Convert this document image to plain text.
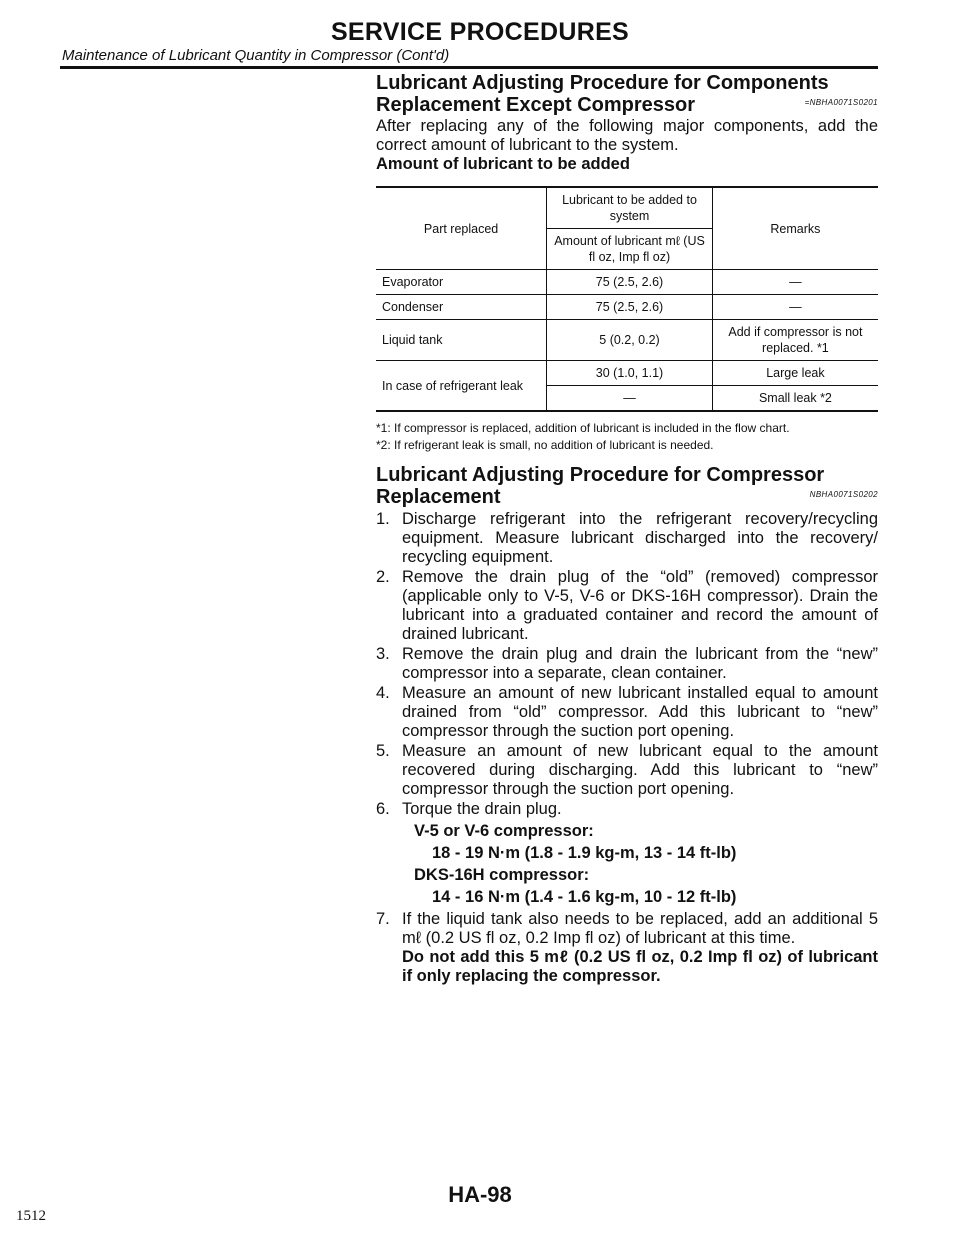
SERVICE PROCEDURES
Maintenance of Lubricant Quantity in Compressor (Cont'd)
Lubricant Adjusting Procedure for Components
Replacement Except Compressor	=NBHA0071S0201
After replacing any of the following major components, add the correct amount of lubricant to the system.
Amount of lubricant to be added
Part replaced	Lubricant to be added to system	Remarks
	Amount of lubricant mℓ (US fl oz, Imp fl oz)	
Evaporator	75 (2.5, 2.6)	—
Condenser	75 (2.5, 2.6)	—
Liquid tank	5 (0.2, 0.2)	Add if compressor is not replaced. *1
In case of refrigerant leak	30 (1.0, 1.1)	Large leak
	—	Small leak *2
*1: If compressor is replaced, addition of lubricant is included in the flow chart.
*2: If refrigerant leak is small, no addition of lubricant is needed.
Lubricant Adjusting Procedure for Compressor
Replacement	NBHA0071S0202
1. Discharge refrigerant into the refrigerant recovery/recycling equipment. Measure lubricant discharged into the recovery/ recycling equipment.
2. Remove the drain plug of the “old” (removed) compressor (applicable only to V-5, V-6 or DKS-16H compressor). Drain the lubricant into a graduated container and record the amount of drained lubricant.
3. Remove the drain plug and drain the lubricant from the “new” compressor into a separate, clean container.
4. Measure an amount of new lubricant installed equal to amount drained from “old” compressor. Add this lubricant to “new” compressor through the suction port opening.
5. Measure an amount of new lubricant equal to the amount recovered during discharging. Add this lubricant to “new” compressor through the suction port opening.
6. Torque the drain plug.
V-5 or V-6 compressor:
18 - 19 N·m (1.8 - 1.9 kg-m, 13 - 14 ft-lb)
DKS-16H compressor:
14 - 16 N·m (1.4 - 1.6 kg-m, 10 - 12 ft-lb)
7. If the liquid tank also needs to be replaced, add an additional 5 mℓ (0.2 US fl oz, 0.2 Imp fl oz) of lubricant at this time.
Do not add this 5 mℓ (0.2 US fl oz, 0.2 Imp fl oz) of lubricant if only replacing the compressor.
HA-98
1512
